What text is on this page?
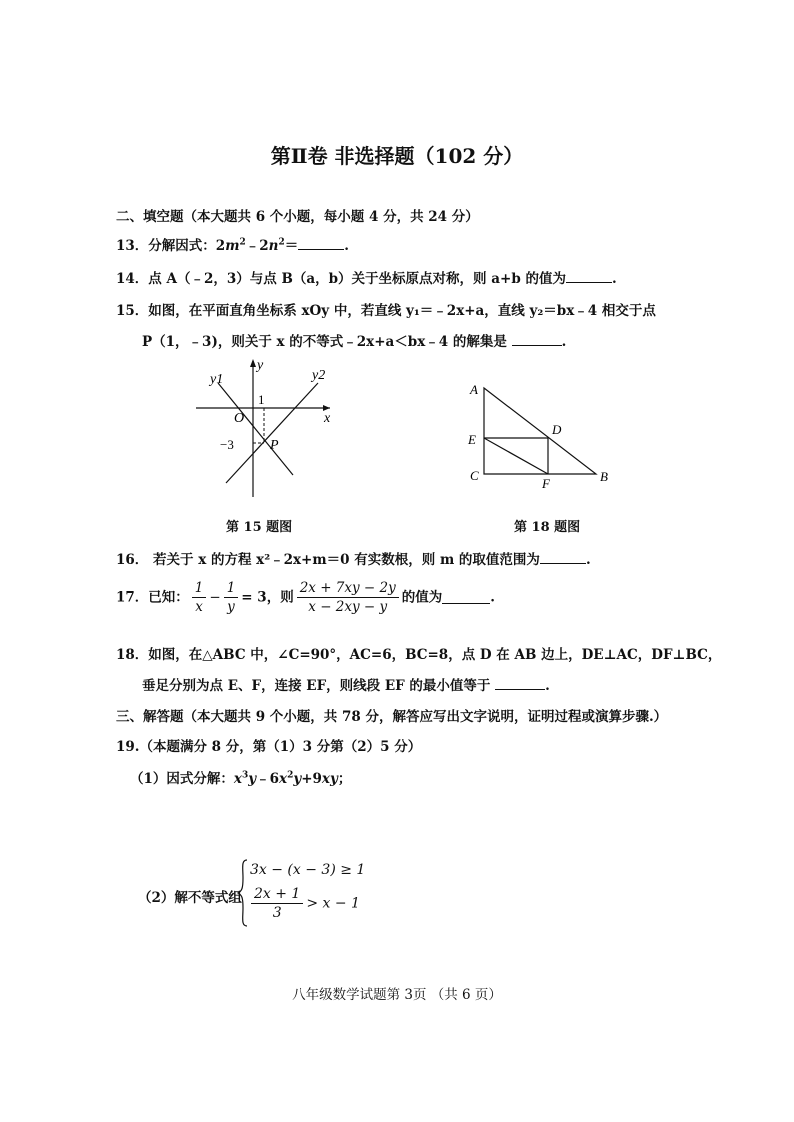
第Ⅱ卷 非选择题（102 分）
二、填空题（本大题共 6 个小题，每小题 4 分，共 24 分）
13．分解因式：$2m^2﹣2n^2=$	.
14．点 A（﹣2，3）与点 B（a，b）关于坐标原点对称，则 a+b 的值为	.
15．如图，在平面直角坐标系 xOy 中，若直线 y₁＝﹣2x+a，直线 y₂＝bx﹣4 相交于点
P（1，﹣3)，则关于 x 的不等式﹣2x+a＜bx﹣4 的解集是	.
y1	y2
y
x
O
1
−3	P
A
B
C
D
E
F
第 15 题图	第 18 题图
16． 若关于 x 的方程 x²﹣2x+m＝0 有实数根，则 m 的取值范围为	.
17．已知： $\frac{1}{x} - \frac{1}{y} = 3$，则 $\frac{2x + 7xy - 2y}{x - 2xy - y}$ 的值为	.
18．如图，在△ABC 中，∠C=90°，AC=6，BC=8，点 D 在 AB 边上，DE⊥AC，DF⊥BC，
垂足分别为点 E、F，连接 EF，则线段 EF 的最小值等于	.
三、解答题（本大题共 9 个小题，共 78 分，解答应写出文字说明，证明过程或演算步骤.）
19.（本题满分 8 分，第（1）3 分第（2）5 分）
（1）因式分解：$x^3y﹣6x^2y+9xy$；
（2）解不等式组
3x − (x − 3) ≥ 1
$\frac{2x + 1}{3} > x - 1$
八年级数学试题第 3页 （共 6 页）
